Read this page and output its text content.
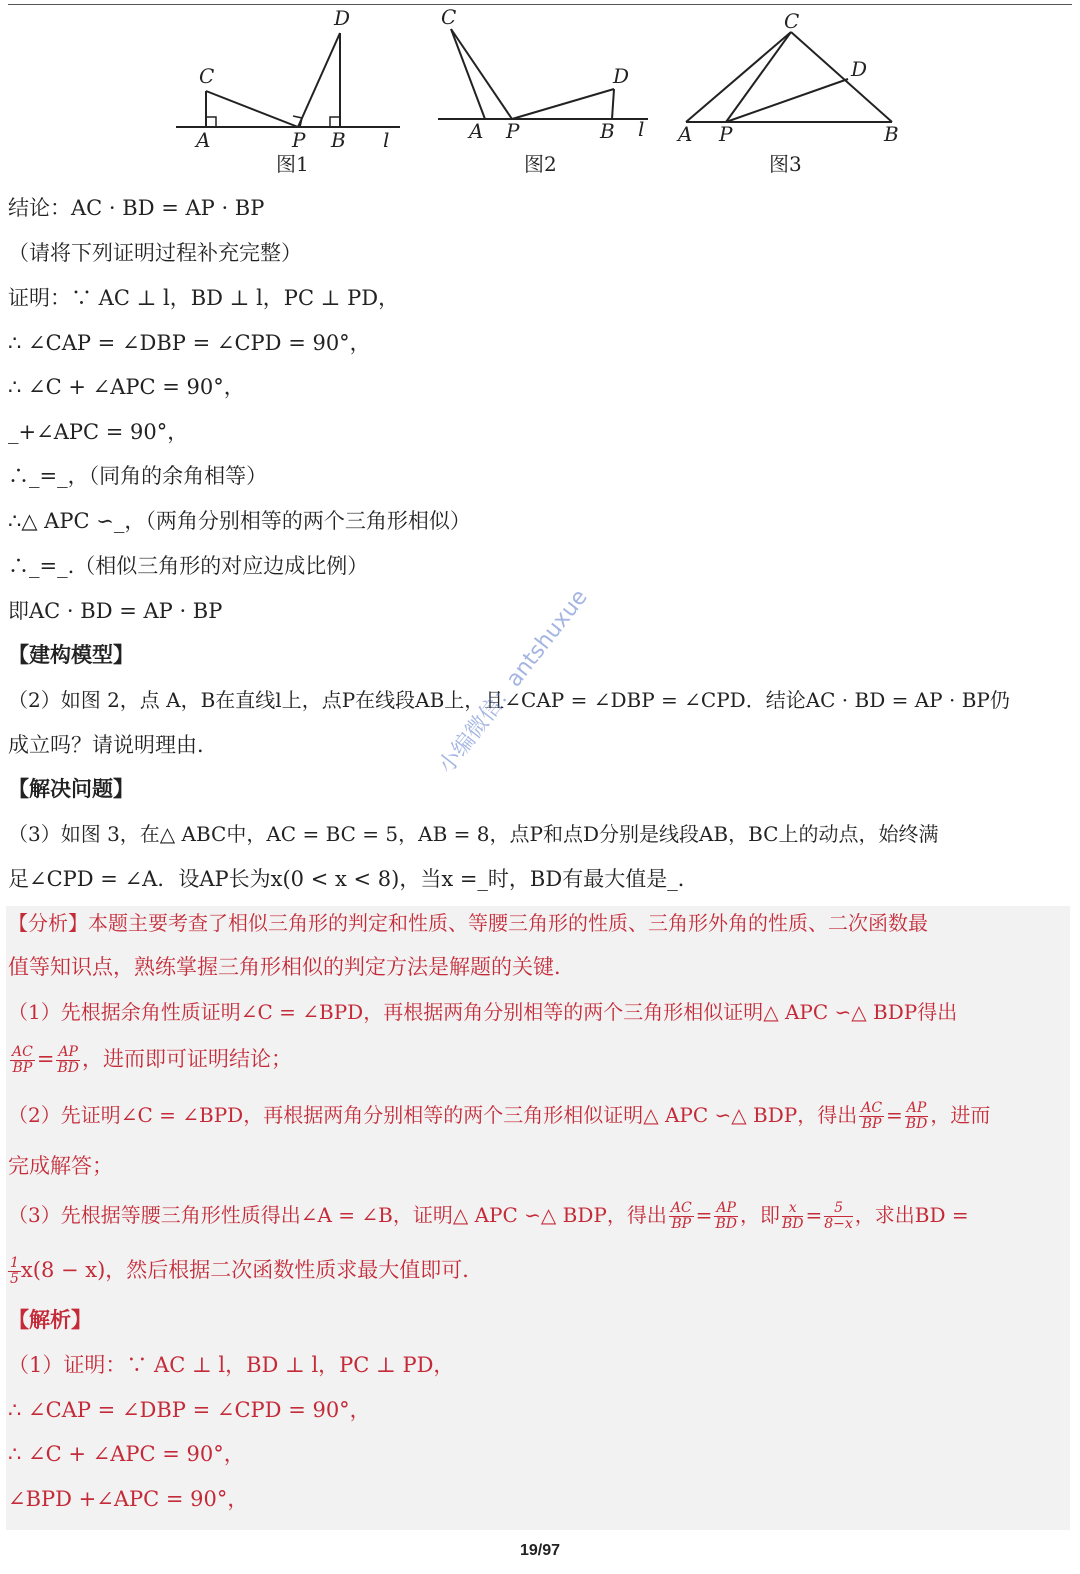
D
C
A	P B l
C
D
A P	B l
C
D
A P	B
图1	图2	图3
结论：AC · BD = AP · BP
（请将下列证明过程补充完整）
证明：∵ AC ⊥ l，BD ⊥ l，PC ⊥ PD，
∴ ∠CAP = ∠DBP = ∠CPD = 90°，
∴ ∠C + ∠APC = 90°，
_+∠APC = 90°，
∴_=_，（同角的余角相等）
∴△ APC ∽_，（两角分别相等的两个三角形相似）
∴_=_.（相似三角形的对应边成比例）
即AC · BD = AP · BP
【建构模型】
（2）如图 2，点 A，B在直线l上，点P在线段AB上，且∠CAP = ∠DBP = ∠CPD．结论AC · BD = AP · BP仍
成立吗？请说明理由．
【解决问题】
（3）如图 3，在△ ABC中，AC = BC = 5，AB = 8，点P和点D分别是线段AB，BC上的动点，始终满
足∠CPD = ∠A．设AP长为x(0 < x < 8)，当x =_时，BD有最大值是_．
【分析】本题主要考查了相似三角形的判定和性质、等腰三角形的性质、三角形外角的性质、二次函数最
值等知识点，熟练掌握三角形相似的判定方法是解题的关键．
（1）先根据余角性质证明∠C = ∠BPD，再根据两角分别相等的两个三角形相似证明△ APC ∽△ BDP得出
$\frac{AC}{BP} = \frac{AP}{BD}$ ，进而即可证明结论；
（2）先证明∠C = ∠BPD，再根据两角分别相等的两个三角形相似证明△ APC ∽△ BDP，得出 $\frac{AC}{BP} = \frac{AP}{BD}$ ，进而
完成解答；
（3）先根据等腰三角形性质得出∠A = ∠B，证明△ APC ∽△ BDP，得出 $\frac{AC}{BP} = \frac{AP}{BD}$ ，即 $\frac{x}{BD} = \frac{5}{8-x}$ ，求出BD =
$\frac{1}{5} x(8 - x)$，然后根据二次函数性质求最大值即可．
【解析】
（1）证明：∵ AC ⊥ l，BD ⊥ l，PC ⊥ PD，
∴ ∠CAP = ∠DBP = ∠CPD = 90°，
∴ ∠C + ∠APC = 90°，
∠BPD +∠APC = 90°，
小编微信：antshuxue
19/97
